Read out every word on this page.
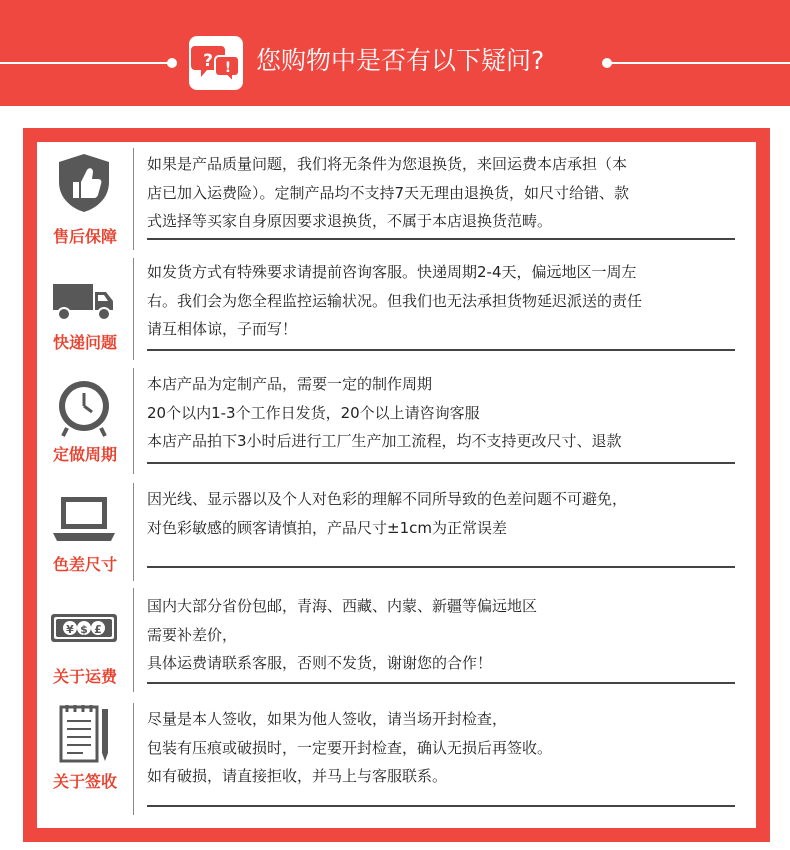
? ! 您购物中是否有以下疑问?
售后保障
如果是产品质量问题，我们将无条件为您退换货，来回运费本店承担（本
店已加入运费险）。定制产品均不支持7天无理由退换货，如尺寸给错、款
式选择等买家自身原因要求退换货，不属于本店退换货范畴。
快递问题
如发货方式有特殊要求请提前咨询客服。快递周期2-4天，偏远地区一周左
右。我们会为您全程监控运输状况。但我们也无法承担货物延迟派送的责任
请互相体谅，子而写！
定做周期
本店产品为定制产品，需要一定的制作周期
20个以内1-3个工作日发货，20个以上请咨询客服
本店产品拍下3小时后进行工厂生产加工流程，均不支持更改尺寸、退款
色差尺寸
因光线、显示器以及个人对色彩的理解不同所导致的色差问题不可避免，
对色彩敏感的顾客请慎拍，产品尺寸±1cm为正常误差
¥ $ £
关于运费
国内大部分省份包邮，青海、西藏、内蒙、新疆等偏远地区
需要补差价，
具体运费请联系客服，否则不发货，谢谢您的合作！
关于签收
尽量是本人签收，如果为他人签收，请当场开封检查，
包装有压痕或破损时，一定要开封检查，确认无损后再签收。
如有破损，请直接拒收，并马上与客服联系。
